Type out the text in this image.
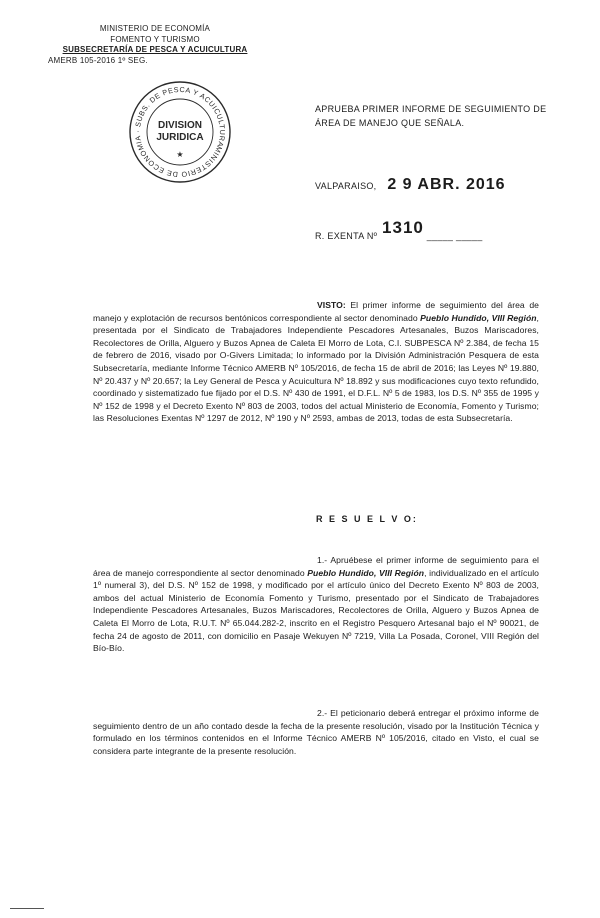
MINISTERIO DE ECONOMÍA
FOMENTO Y TURISMO
SUBSECRETARÍA DE PESCA Y ACUICULTURA
AMERB 105-2016 1º SEG.
MINISTERIO DE ECONOMIA · SUBS. DE PESCA Y ACUICULTURA
DIVISION
JURIDICA
★
APRUEBA PRIMER INFORME DE SEGUIMIENTO DE ÁREA DE MANEJO QUE SEÑALA.
VALPARAISO, 2 9 ABR. 2016
R. EXENTA Nº 1310 _____ _____
VISTO: El primer informe de seguimiento del área de manejo y explotación de recursos bentónicos correspondiente al sector denominado Pueblo Hundido, VIII Región, presentada por el Sindicato de Trabajadores Independiente Pescadores Artesanales, Buzos Mariscadores, Recolectores de Orilla, Alguero y Buzos Apnea de Caleta El Morro de Lota, C.I. SUBPESCA Nº 2.384, de fecha 15 de febrero de 2016, visado por O-Givers Limitada; lo informado por la División Administración Pesquera de esta Subsecretaría, mediante Informe Técnico AMERB Nº 105/2016, de fecha 15 de abril de 2016; las Leyes Nº 19.880, Nº 20.437 y Nº 20.657; la Ley General de Pesca y Acuicultura Nº 18.892 y sus modificaciones cuyo texto refundido, coordinado y sistematizado fue fijado por el D.S. Nº 430 de 1991, el D.F.L. Nº 5 de 1983, los D.S. Nº 355 de 1995 y Nº 152 de 1998 y el Decreto Exento Nº 803 de 2003, todos del actual Ministerio de Economía, Fomento y Turismo; las Resoluciones Exentas Nº 1297 de 2012, Nº 190 y Nº 2593, ambas de 2013, todas de esta Subsecretaría.
R E S U E L V O:
1.- Apruébese el primer informe de seguimiento para el área de manejo correspondiente al sector denominado Pueblo Hundido, VIII Región, individualizado en el artículo 1º numeral 3), del D.S. Nº 152 de 1998, y modificado por el artículo único del Decreto Exento Nº 803 de 2003, ambos del actual Ministerio de Economía Fomento y Turismo, presentado por el Sindicato de Trabajadores Independiente Pescadores Artesanales, Buzos Mariscadores, Recolectores de Orilla, Alguero y Buzos Apnea de Caleta El Morro de Lota, R.U.T. Nº 65.044.282-2, inscrito en el Registro Pesquero Artesanal bajo el Nº 90021, de fecha 24 de agosto de 2011, con domicilio en Pasaje Wekuyen Nº 7219, Villa La Posada, Coronel, VIII Región del Bío-Bío.
2.- El peticionario deberá entregar el próximo informe de seguimiento dentro de un año contado desde la fecha de la presente resolución, visado por la Institución Técnica y formulado en los términos contenidos en el Informe Técnico AMERB Nº 105/2016, citado en Visto, el cual se considera parte integrante de la presente resolución.
